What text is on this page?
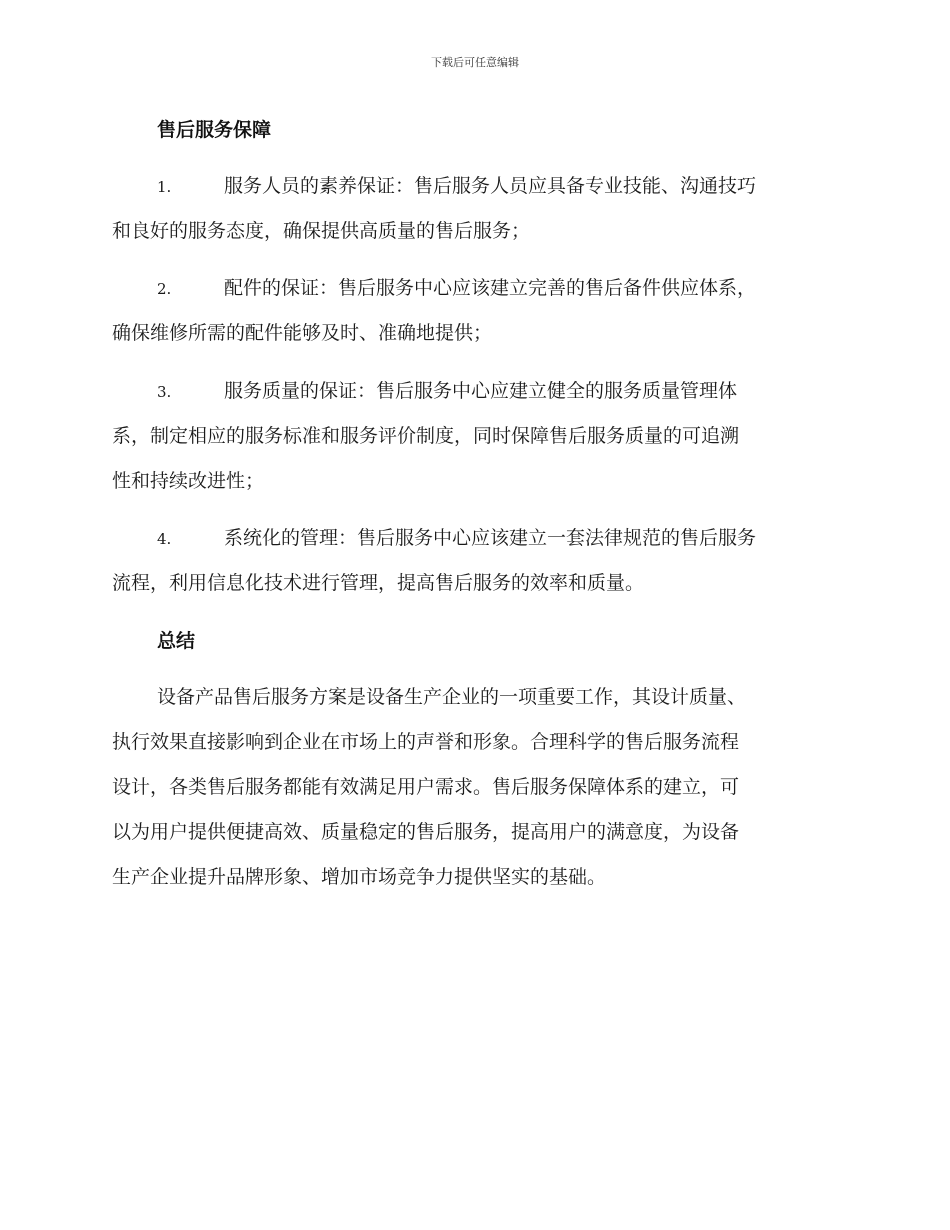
下载后可任意编辑
售后服务保障
1.	服务人员的素养保证：售后服务人员应具备专业技能、沟通技巧
和良好的服务态度，确保提供高质量的售后服务；
2.	配件的保证：售后服务中心应该建立完善的售后备件供应体系，
确保维修所需的配件能够及时、准确地提供；
3.	服务质量的保证：售后服务中心应建立健全的服务质量管理体
系，制定相应的服务标准和服务评价制度，同时保障售后服务质量的可追溯
性和持续改进性；
4.	系统化的管理：售后服务中心应该建立一套法律规范的售后服务
流程，利用信息化技术进行管理，提高售后服务的效率和质量。
总结
设备产品售后服务方案是设备生产企业的一项重要工作，其设计质量、
执行效果直接影响到企业在市场上的声誉和形象。合理科学的售后服务流程
设计，各类售后服务都能有效满足用户需求。售后服务保障体系的建立，可
以为用户提供便捷高效、质量稳定的售后服务，提高用户的满意度，为设备
生产企业提升品牌形象、增加市场竞争力提供坚实的基础。
